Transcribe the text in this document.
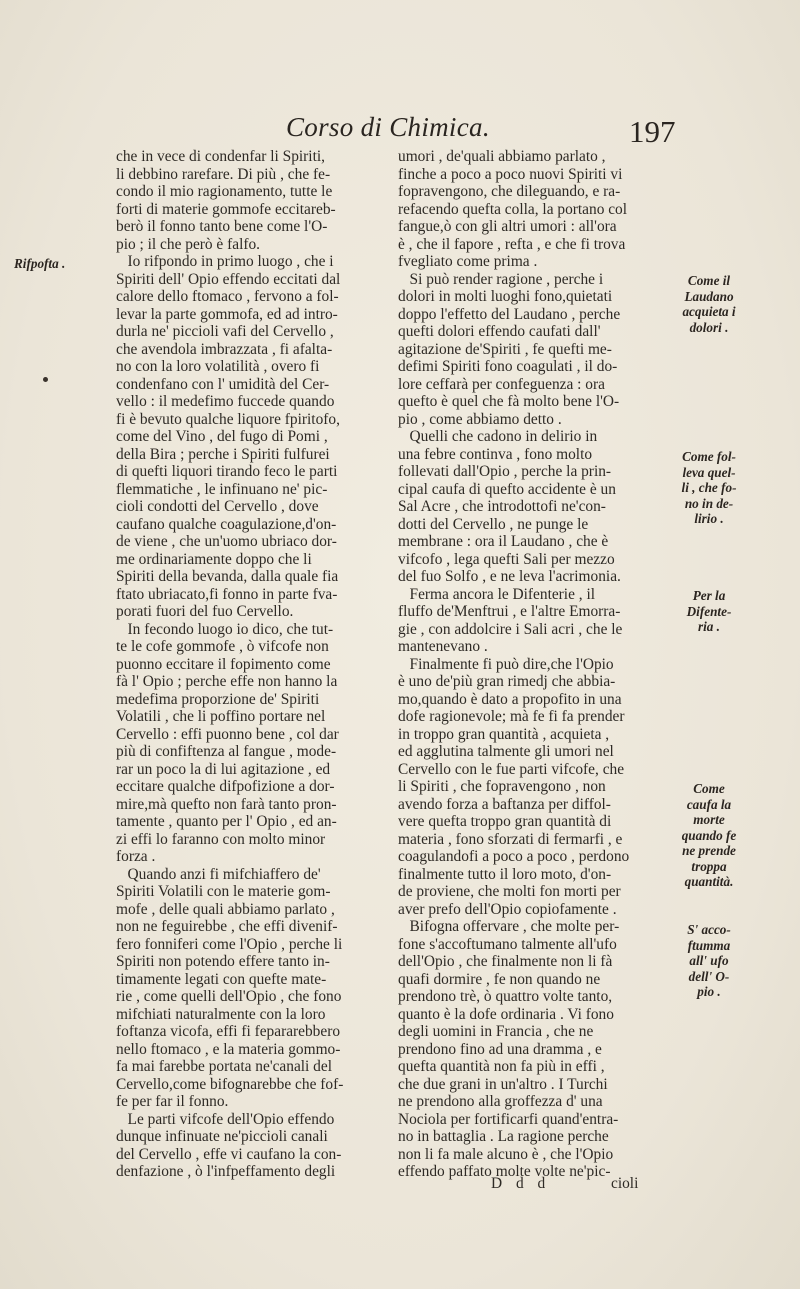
Corso di Chimica.	197
che in vece di condenfar li Spiriti,
li debbino rarefare. Di più , che fe-
condo il mio ragionamento, tutte le
forti di materie gommofe eccitareb-
berò il fonno tanto bene come l'O-
pio ; il che però è falfo.
Io rifpondo in primo luogo , che i
Spiriti dell' Opio effendo eccitati dal
calore dello ftomaco , fervono a fol-
levar la parte gommofa, ed ad intro-
durla ne' piccioli vafi del Cervello ,
che avendola imbrazzata , fi afalta-
no con la loro volatilità , overo fi
condenfano con l' umidità del Cer-
vello : il medefimo fuccede quando
fi è bevuto qualche liquore fpiritofo,
come del Vino , del fugo di Pomi ,
della Bira ; perche i Spiriti fulfurei
di quefti liquori tirando feco le parti
flemmatiche , le infinuano ne' pic-
cioli condotti del Cervello , dove
caufano qualche coagulazione,d'on-
de viene , che un'uomo ubriaco dor-
me ordinariamente doppo che li
Spiriti della bevanda, dalla quale fia
ftato ubriacato,fi fonno in parte fva-
porati fuori del fuo Cervello.
In fecondo luogo io dico, che tut-
te le cofe gommofe , ò vifcofe non
puonno eccitare il fopimento come
fà l' Opio ; perche effe non hanno la
medefima proporzione de' Spiriti
Volatili , che li poffino portare nel
Cervello : effi puonno bene , col dar
più di confiftenza al fangue , mode-
rar un poco la di lui agitazione , ed
eccitare qualche difpofizione a dor-
mire,mà quefto non farà tanto pron-
tamente , quanto per l' Opio , ed an-
zi effi lo faranno con molto minor
forza .
Quando anzi fi mifchiaffero de'
Spiriti Volatili con le materie gom-
mofe , delle quali abbiamo parlato ,
non ne feguirebbe , che effi divenif-
fero fonniferi come l'Opio , perche li
Spiriti non potendo effere tanto in-
timamente legati con quefte mate-
rie , come quelli dell'Opio , che fono
mifchiati naturalmente con la loro
foftanza vicofa, effi fi fepararebbero
nello ftomaco , e la materia gommo-
fa mai farebbe portata ne'canali del
Cervello,come bifognarebbe che fof-
fe per far il fonno.
Le parti vifcofe dell'Opio effendo
dunque infinuate ne'piccioli canali
del Cervello , effe vi caufano la con-
denfazione , ò l'infpeffamento degli
umori , de'quali abbiamo parlato ,
finche a poco a poco nuovi Spiriti vi
fopravengono, che dileguando, e ra-
refacendo quefta colla, la portano col
fangue,ò con gli altri umori : all'ora
è , che il fapore , refta , e che fi trova
fvegliato come prima .
Si può render ragione , perche i
dolori in molti luoghi fono,quietati
doppo l'effetto del Laudano , perche
quefti dolori effendo caufati dall'
agitazione de'Spiriti , fe quefti me-
defimi Spiriti fono coagulati , il do-
lore ceffarà per confeguenza : ora
quefto è quel che fà molto bene l'O-
pio , come abbiamo detto .
Quelli che cadono in delirio in
una febre continva , fono molto
follevati dall'Opio , perche la prin-
cipal caufa di quefto accidente è un
Sal Acre , che introdottofi ne'con-
dotti del Cervello , ne punge le
membrane : ora il Laudano , che è
vifcofo , lega quefti Sali per mezzo
del fuo Solfo , e ne leva l'acrimonia.
Ferma ancora le Difenterie , il
fluffo de'Menftrui , e l'altre Emorra-
gie , con addolcire i Sali acri , che le
mantenevano .
Finalmente fi può dire,che l'Opio
è uno de'più gran rimedj che abbia-
mo,quando è dato a propofito in una
dofe ragionevole; mà fe fi fa prender
in troppo gran quantità , acquieta ,
ed agglutina talmente gli umori nel
Cervello con le fue parti vifcofe, che
li Spiriti , che fopravengono , non
avendo forza a baftanza per diffol-
vere quefta troppo gran quantità di
materia , fono sforzati di fermarfi , e
coagulandofi a poco a poco , perdono
finalmente tutto il loro moto, d'on-
de proviene, che molti fon morti per
aver prefo dell'Opio copiofamente .
Bifogna offervare , che molte per-
fone s'accoftumano talmente all'ufo
dell'Opio , che finalmente non li fà
quafi dormire , fe non quando ne
prendono trè, ò quattro volte tanto,
quanto è la dofe ordinaria . Vi fono
degli uomini in Francia , che ne
prendono fino ad una dramma , e
quefta quantità non fa più in effi ,
che due grani in un'altro . I Turchi
ne prendono alla groffezza d' una
Nociola per fortificarfi quand'entra-
no in battaglia . La ragione perche
non li fa male alcuno è , che l'Opio
effendo paffato molte volte ne'pic-
Rifpofta .
Come il
Laudano
acquieta i
dolori .
Come fol-
leva quel-
li , che fo-
no in de-
lirio .
Per la
Difente-
ria .
Come
caufa la
morte
quando fe
ne prende
troppa
quantità.
S' acco-
ftumma
all' ufo
dell' O-
pio .
D d d	cioli
